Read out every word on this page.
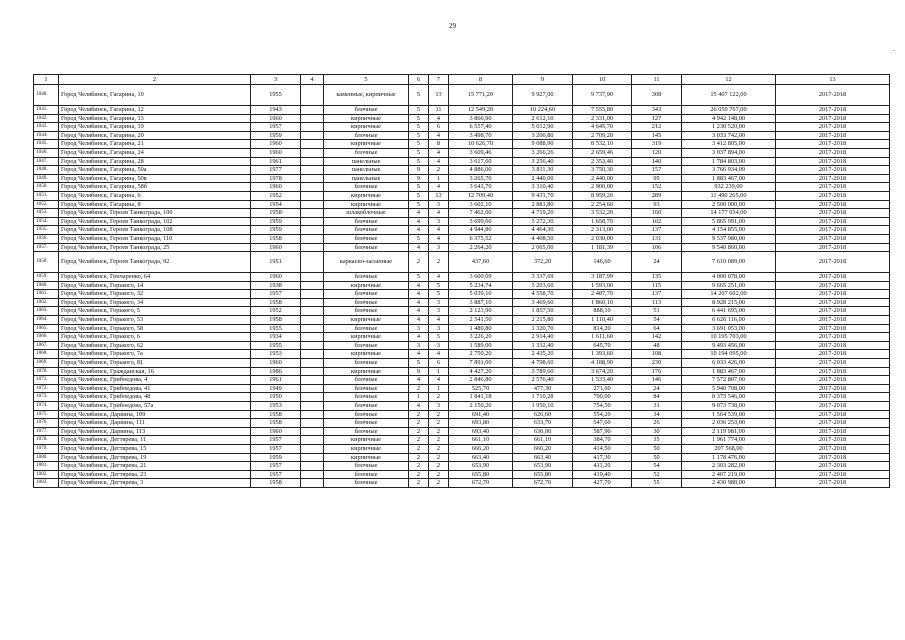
29
-
1	2	3	4	5	6	7	8	9	10	11	12	13
1040.	Город Челябинск, Гагарина, 10	1955		каменные, кирпичные	5	13	15 771,20	9 927,00	9 737,90	308	15 407 122,00	2017-2018
1041.	Город Челябинск, Гагарина, 12	1943		блочные	5	11	12 549,20	10 224,60	7 555,80	343	26 050 767,00	2017-2018
1042.	Город Челябинск, Гагарина, 13	1960		кирпичные	5	4	3 866,90	2 612,10	2 331,00	127	4 942 148,00	2017-2018
1043.	Город Челябинск, Гагарина, 19	1957		кирпичные	5	6	6 557,40	5 012,90	4 645,70	212	1 230 520,00	2017-2018
1044.	Город Челябинск, Гагарина, 20	1959		блочные	5	4	3 498,70	3 200,80	2 709,20	145	3 033 742,00	2017-2018
1045.	Город Челябинск, Гагарина, 21	1960		кирпичные	5	8	10 626,70	9 088,90	8 532,10	319	3 412 805,00	2017-2018
1046.	Город Челябинск, Гагарина, 24	1960		блочные	5	4	3 609,46	3 266,26	2 659,46	120	3 037 894,00	2017-2018
1047.	Город Челябинск, Гагарина, 28	1961		панельные	5	4	3 617,60	3 256,40	2 353,40	140	1 784 803,00	2017-2018
1048.	Город Челябинск, Гагарина, 50а	1977		панельные	9	2	4 886,00	3 811,30	3 750,30	157	3 766 934,00	2017-2018
1049.	Город Челябинск, Гагарина, 50в	1978		панельные	9	1	3 265,70	2 440,00	2 440,00	95	1 883 467,00	2017-2018
1050.	Город Челябинск, Гагарина, 58б	1960		блочные	5	4	3 643,70	3 310,40	2 900,00	152	932 239,00	2017-2018
1051.	Город Челябинск, Гагарина, 6	1952		кирпичные	5	13	12 709,40	9 431,70	8 959,20	289	11 490 265,00	2017-2018
1052.	Город Челябинск, Гагарина, 8	1954		кирпичные	5	3	3 602,10	2 881,80	2 254,60	93	2 500 000,00	2017-2018
1053.	Город Челябинск, Героев Танкограда, 100	1958		шлакоблочные	4	4	7 462,60	4 719,20	3 532,20	160	14 177 034,00	2017-2018
1054.	Город Челябинск, Героев Танкограда, 102	1959		блочные	4	3	3 699,60	3 272,30	1 658,70	102	5 865 991,00	2017-2018
1055.	Город Челябинск, Героев Танкограда, 108	1959		блочные	4	4	4 944,80	4 464,30	2 313,00	137	4 154 855,00	2017-2018
1056.	Город Челябинск, Героев Танкограда, 110	1958		блочные	5	4	6 375,52	4 408,50	2 030,00	131	9 537 980,00	2017-2018
1057.	Город Челябинск, Героев Танкограда, 25	1960		блочные	4	3	2 264,20	2 065,00	1 181,39	106	9 540 860,00	2017-2018
1058.	Город Челябинск, Героев Танкограда, 92	1951		каркасно-засыпные	2	2	437,60	372,20	146,60	24	7 610 089,00	2017-2018
1059.	Город Челябинск, Гончаренко, 64	1960		блочные	5	4	3 600,09	3 337,69	3 187,99	135	4 000 078,00	2017-2018
1060.	Город Челябинск, Горького, 14	1938		кирпичные	4	5	5 234,74	3 203,60	1 593,00	115	9 665 251,00	2017-2018
1061.	Город Челябинск, Горького, 32	1957		блочные	4	5	5 039,10	4 558,70	2 487,70	137	14 207 602,00	2017-2018
1062.	Город Челябинск, Горького, 34	1958		блочные	4	3	3 887,10	3 469,60	1 860,10	113	8 928 215,00	2017-2018
1063.	Город Челябинск, Горького, 5	1952		блочные	4	3	2 123,90	1 857,50	888,10	51	6 441 695,00	2017-2018
1064.	Город Челябинск, Горького, 53	1958		кирпичные	4	4	2 541,50	2 215,80	1 110,40	54	6 626 116,00	2017-2018
1065.	Город Челябинск, Горького, 58	1955		блочные	3	3	1 489,80	1 320,70	814,20	64	3 691 053,00	2017-2018
1066.	Город Челябинск, Горького, 6	1934		кирпичные	4	5	3 226,20	2 914,40	1 611,60	142	10 195 703,00	2017-2018
1067.	Город Челябинск, Горького, 62	1955		блочные	3	3	1 589,00	1 332,40	645,70	48	9 493 456,00	2017-2018
1068.	Город Челябинск, Горького, 7а	1953		кирпичные	4	4	2 750,20	2 435,20	1 393,60	108	10 194 095,00	2017-2018
1069.	Город Челябинск, Горького, 81	1960		блочные	5	6	7 891,00	4 798,60	4 188,90	230	6 033 426,00	2017-2018
1070.	Город Челябинск, Гражданская, 16	1986		кирпичные	9	1	4 427,20	3 789,60	3 674,20	176	1 883 467,00	2017-2018
1071.	Город Челябинск, Грибоедова, 4	1961		блочные	4	4	2 846,80	2 576,40	1 533,40	146	7 572 807,00	2017-2018
1072.	Город Челябинск, Грибоедова, 41	1949		блочные	2	1	525,70	477,30	271,60	24	5 940 708,00	2017-2018
1073.	Город Челябинск, Грибоедова, 48	1950		блочные	1	2	1 841,18	1 710,28	790,00	84	8 373 546,00	2017-2018
1074.	Город Челябинск, Грибоедова, 57а	1953		блочные	4	3	2 150,20	1 950,10	754,50	31	9 073 738,00	2017-2018
1075.	Город Челябинск, Дарвина, 109	1958		блочные	2	2	691,40	626,60	554,20	34	1 564 539,00	2017-2018
1076.	Город Челябинск, Дарвина, 111	1958		блочные	2	2	693,80	633,70	547,60	26	2 036 253,00	2017-2018
1077.	Город Челябинск, Дарвина, 113	1960		блочные	2	2	693,40	630,00	587,90	30	2 119 981,00	2017-2018
1078.	Город Челябинск, Дегтярева, 11	1957		кирпичные	2	2	661,10	661,10	384,70	35	1 961 774,00	2017-2018
1079.	Город Челябинск, Дегтярева, 15	1957		кирпичные	2	2	666,20	666,20	414,50	50	207 568,00	2017-2018
1080.	Город Челябинск, Дегтярева, 19	1959		кирпичные	2	2	663,40	663,40	417,30	50	1 178 476,00	2017-2018
1081.	Город Челябинск, Дегтярева, 21	1957		блочные	2	2	653,90	653,90	411,20	54	2 303 282,00	2017-2018
1082.	Город Челябинск, Дегтярева, 23	1957		блочные	2	2	655,80	655,80	419,40	52	2 407 219,00	2017-2018
1083.	Город Челябинск, Дегтярева, 3	1958		блочные	2	2	672,70	672,70	427,70	55	2 430 988,00	2017-2018
